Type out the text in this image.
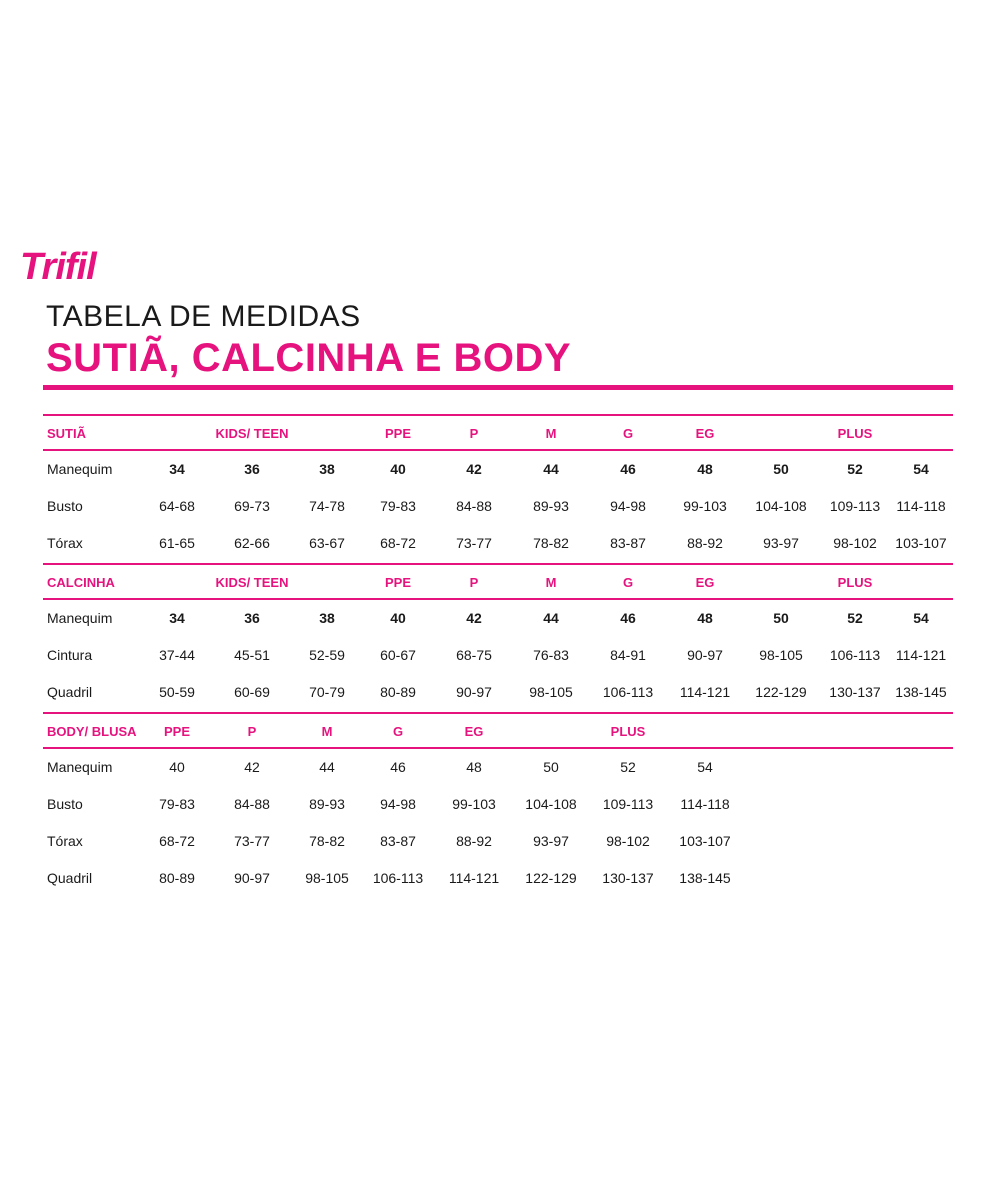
Trifil
TABELA DE MEDIDAS
SUTIÃ, CALCINHA E BODY
SUTIÃ	KIDS/ TEEN	PPE	P	M	G	EG	PLUS
Manequim	34	36	38	40	42	44	46	48	50	52	54
Busto	64-68	69-73	74-78	79-83	84-88	89-93	94-98	99-103 104-108 109-113 114-118
Tórax	61-65	62-66	63-67	68-72	73-77	78-82	83-87	88-92	93-97 98-102 103-107
CALCINHA	KIDS/ TEEN	PPE	P	M	G	EG	PLUS
Manequim	34	36	38	40	42	44	46	48	50	52	54
Cintura	37-44	45-51	52-59	60-67	68-75	76-83	84-91	90-97	98-105 106-113 114-121
Quadril	50-59	60-69	70-79	80-89	90-97	98-105 106-113 114-121 122-129 130-137 138-145
BODY/ BLUSA PPE	P	M	G	EG	PLUS
Manequim	40	42	44	46	48	50	52	54
Busto	79-83	84-88	89-93	94-98	99-103 104-108 109-113 114-118
Tórax	68-72	73-77	78-82	83-87	88-92	93-97	98-102 103-107
Quadril	80-89	90-97	98-105 106-113 114-121 122-129 130-137 138-145
